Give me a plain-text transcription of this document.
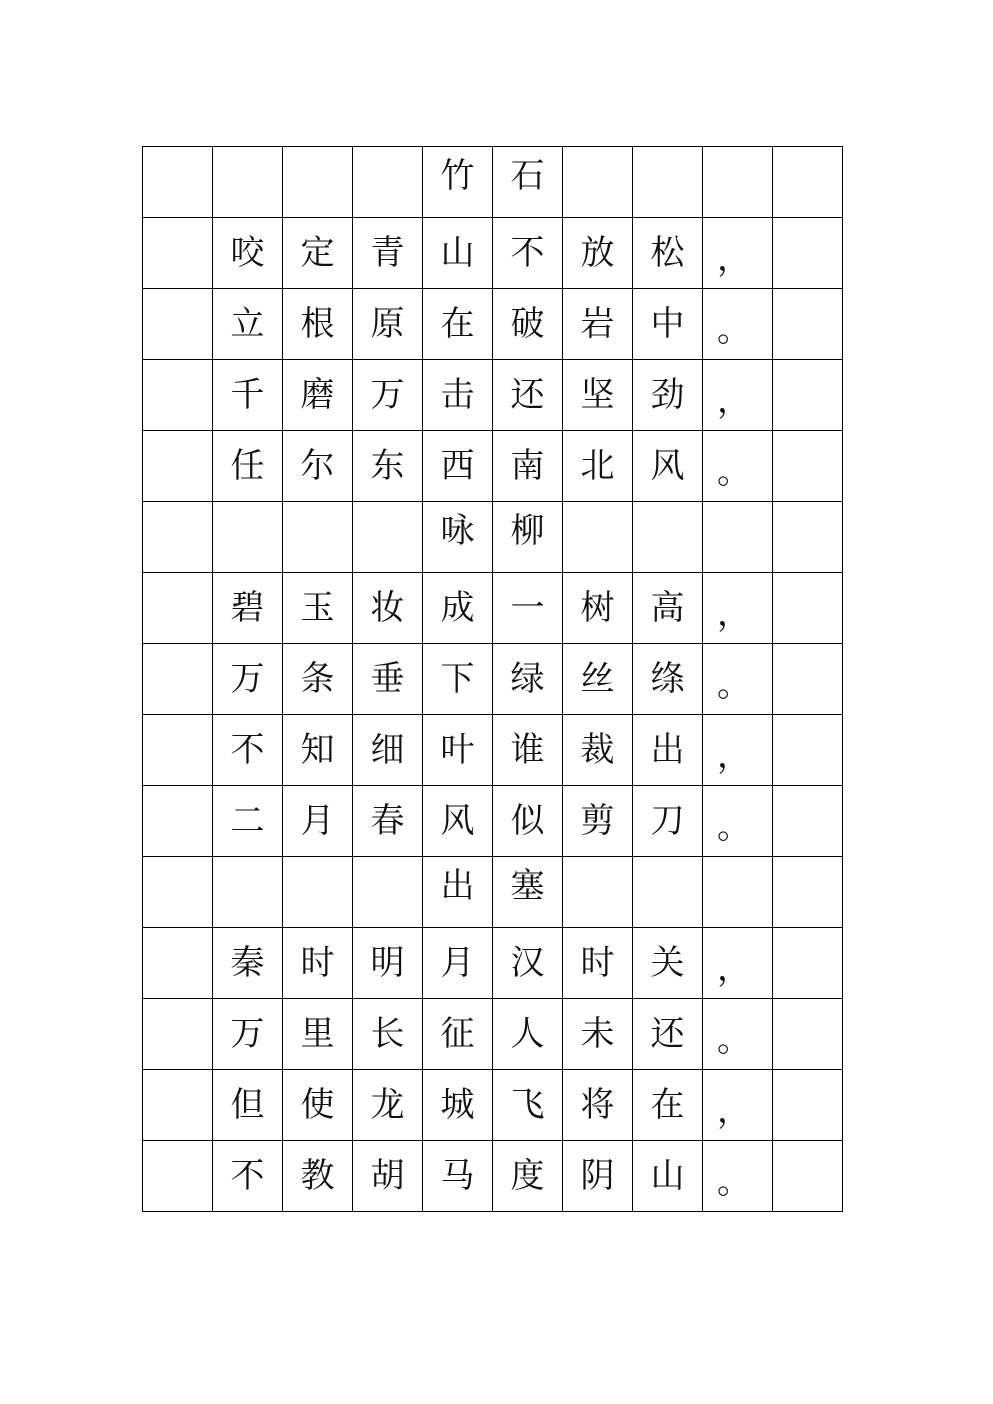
				竹	石				
	咬	定	青	山	不	放	松	，	
	立	根	原	在	破	岩	中	。	
	千	磨	万	击	还	坚	劲	，	
	任	尔	东	西	南	北	风	。	
				咏	柳				
	碧	玉	妆	成	一	树	高	，	
	万	条	垂	下	绿	丝	绦	。	
	不	知	细	叶	谁	裁	出	，	
	二	月	春	风	似	剪	刀	。	
				出	塞				
	秦	时	明	月	汉	时	关	，	
	万	里	长	征	人	未	还	。	
	但	使	龙	城	飞	将	在	，	
	不	教	胡	马	度	阴	山	。	
